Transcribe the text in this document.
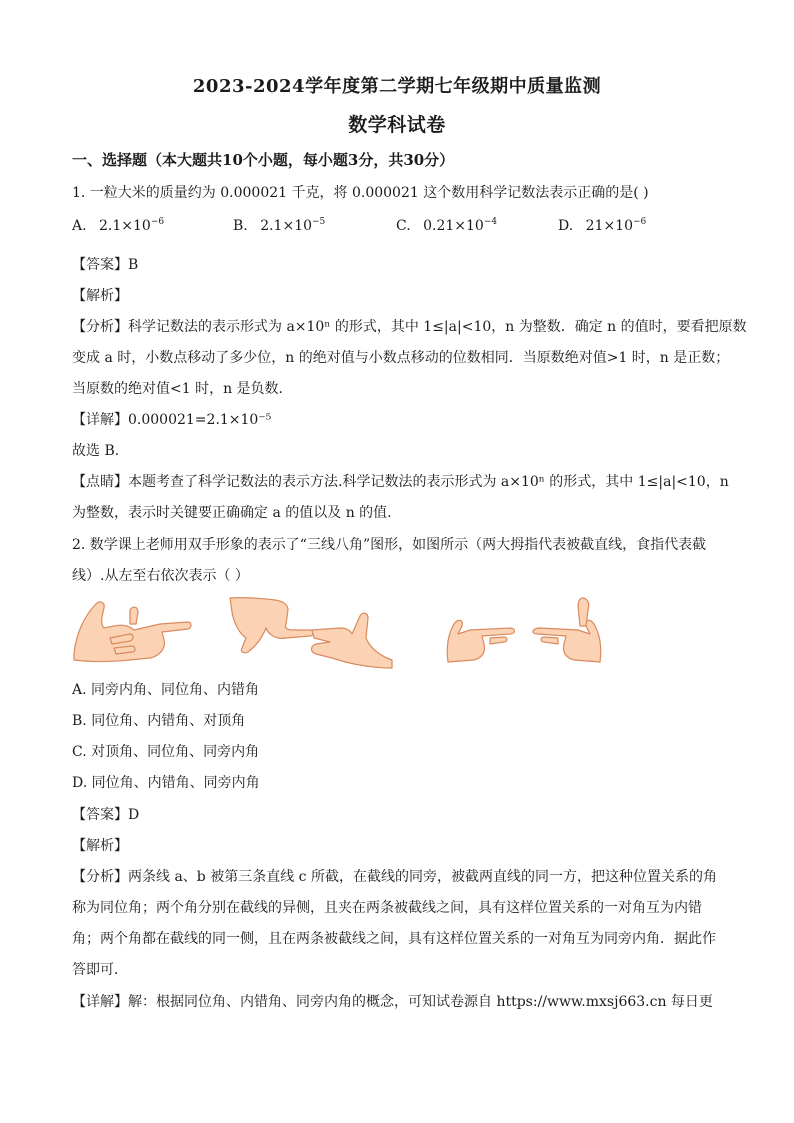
2023-2024学年度第二学期七年级期中质量监测
数学科试卷
一、选择题（本大题共10个小题，每小题3分，共30分）
1. 一粒大米的质量约为 0.000021 千克，将 0.000021 这个数用科学记数法表示正确的是( )
A. $2.1\times 10^{-6}$	B. $2.1\times 10^{-5}$	C. $0.21\times 10^{-4}$	D. $21\times 10^{-6}$
【答案】B
【解析】
【分析】科学记数法的表示形式为 a×10ⁿ 的形式，其中 1≤|a|<10，n 为整数．确定 n 的值时，要看把原数
变成 a 时，小数点移动了多少位，n 的绝对值与小数点移动的位数相同．当原数绝对值>1 时，n 是正数；
当原数的绝对值<1 时，n 是负数．
【详解】0.000021=2.1×10⁻⁵
故选 B.
【点睛】本题考查了科学记数法的表示方法.科学记数法的表示形式为 a×10ⁿ 的形式，其中 1≤|a|<10，n
为整数，表示时关键要正确确定 a 的值以及 n 的值.
2. 数学课上老师用双手形象的表示了“三线八角”图形，如图所示（两大拇指代表被截直线，食指代表截
线）.从左至右依次表示（ ）
A. 同旁内角、同位角、内错角
B. 同位角、内错角、对顶角
C. 对顶角、同位角、同旁内角
D. 同位角、内错角、同旁内角
【答案】D
【解析】
【分析】两条线 a、b 被第三条直线 c 所截，在截线的同旁，被截两直线的同一方，把这种位置关系的角
称为同位角；两个角分别在截线的异侧，且夹在两条被截线之间，具有这样位置关系的一对角互为内错
角；两个角都在截线的同一侧，且在两条被截线之间，具有这样位置关系的一对角互为同旁内角．据此作
答即可．
【详解】解：根据同位角、内错角、同旁内角的概念，可知试卷源自 https://www.mxsj663.cn 每日更
